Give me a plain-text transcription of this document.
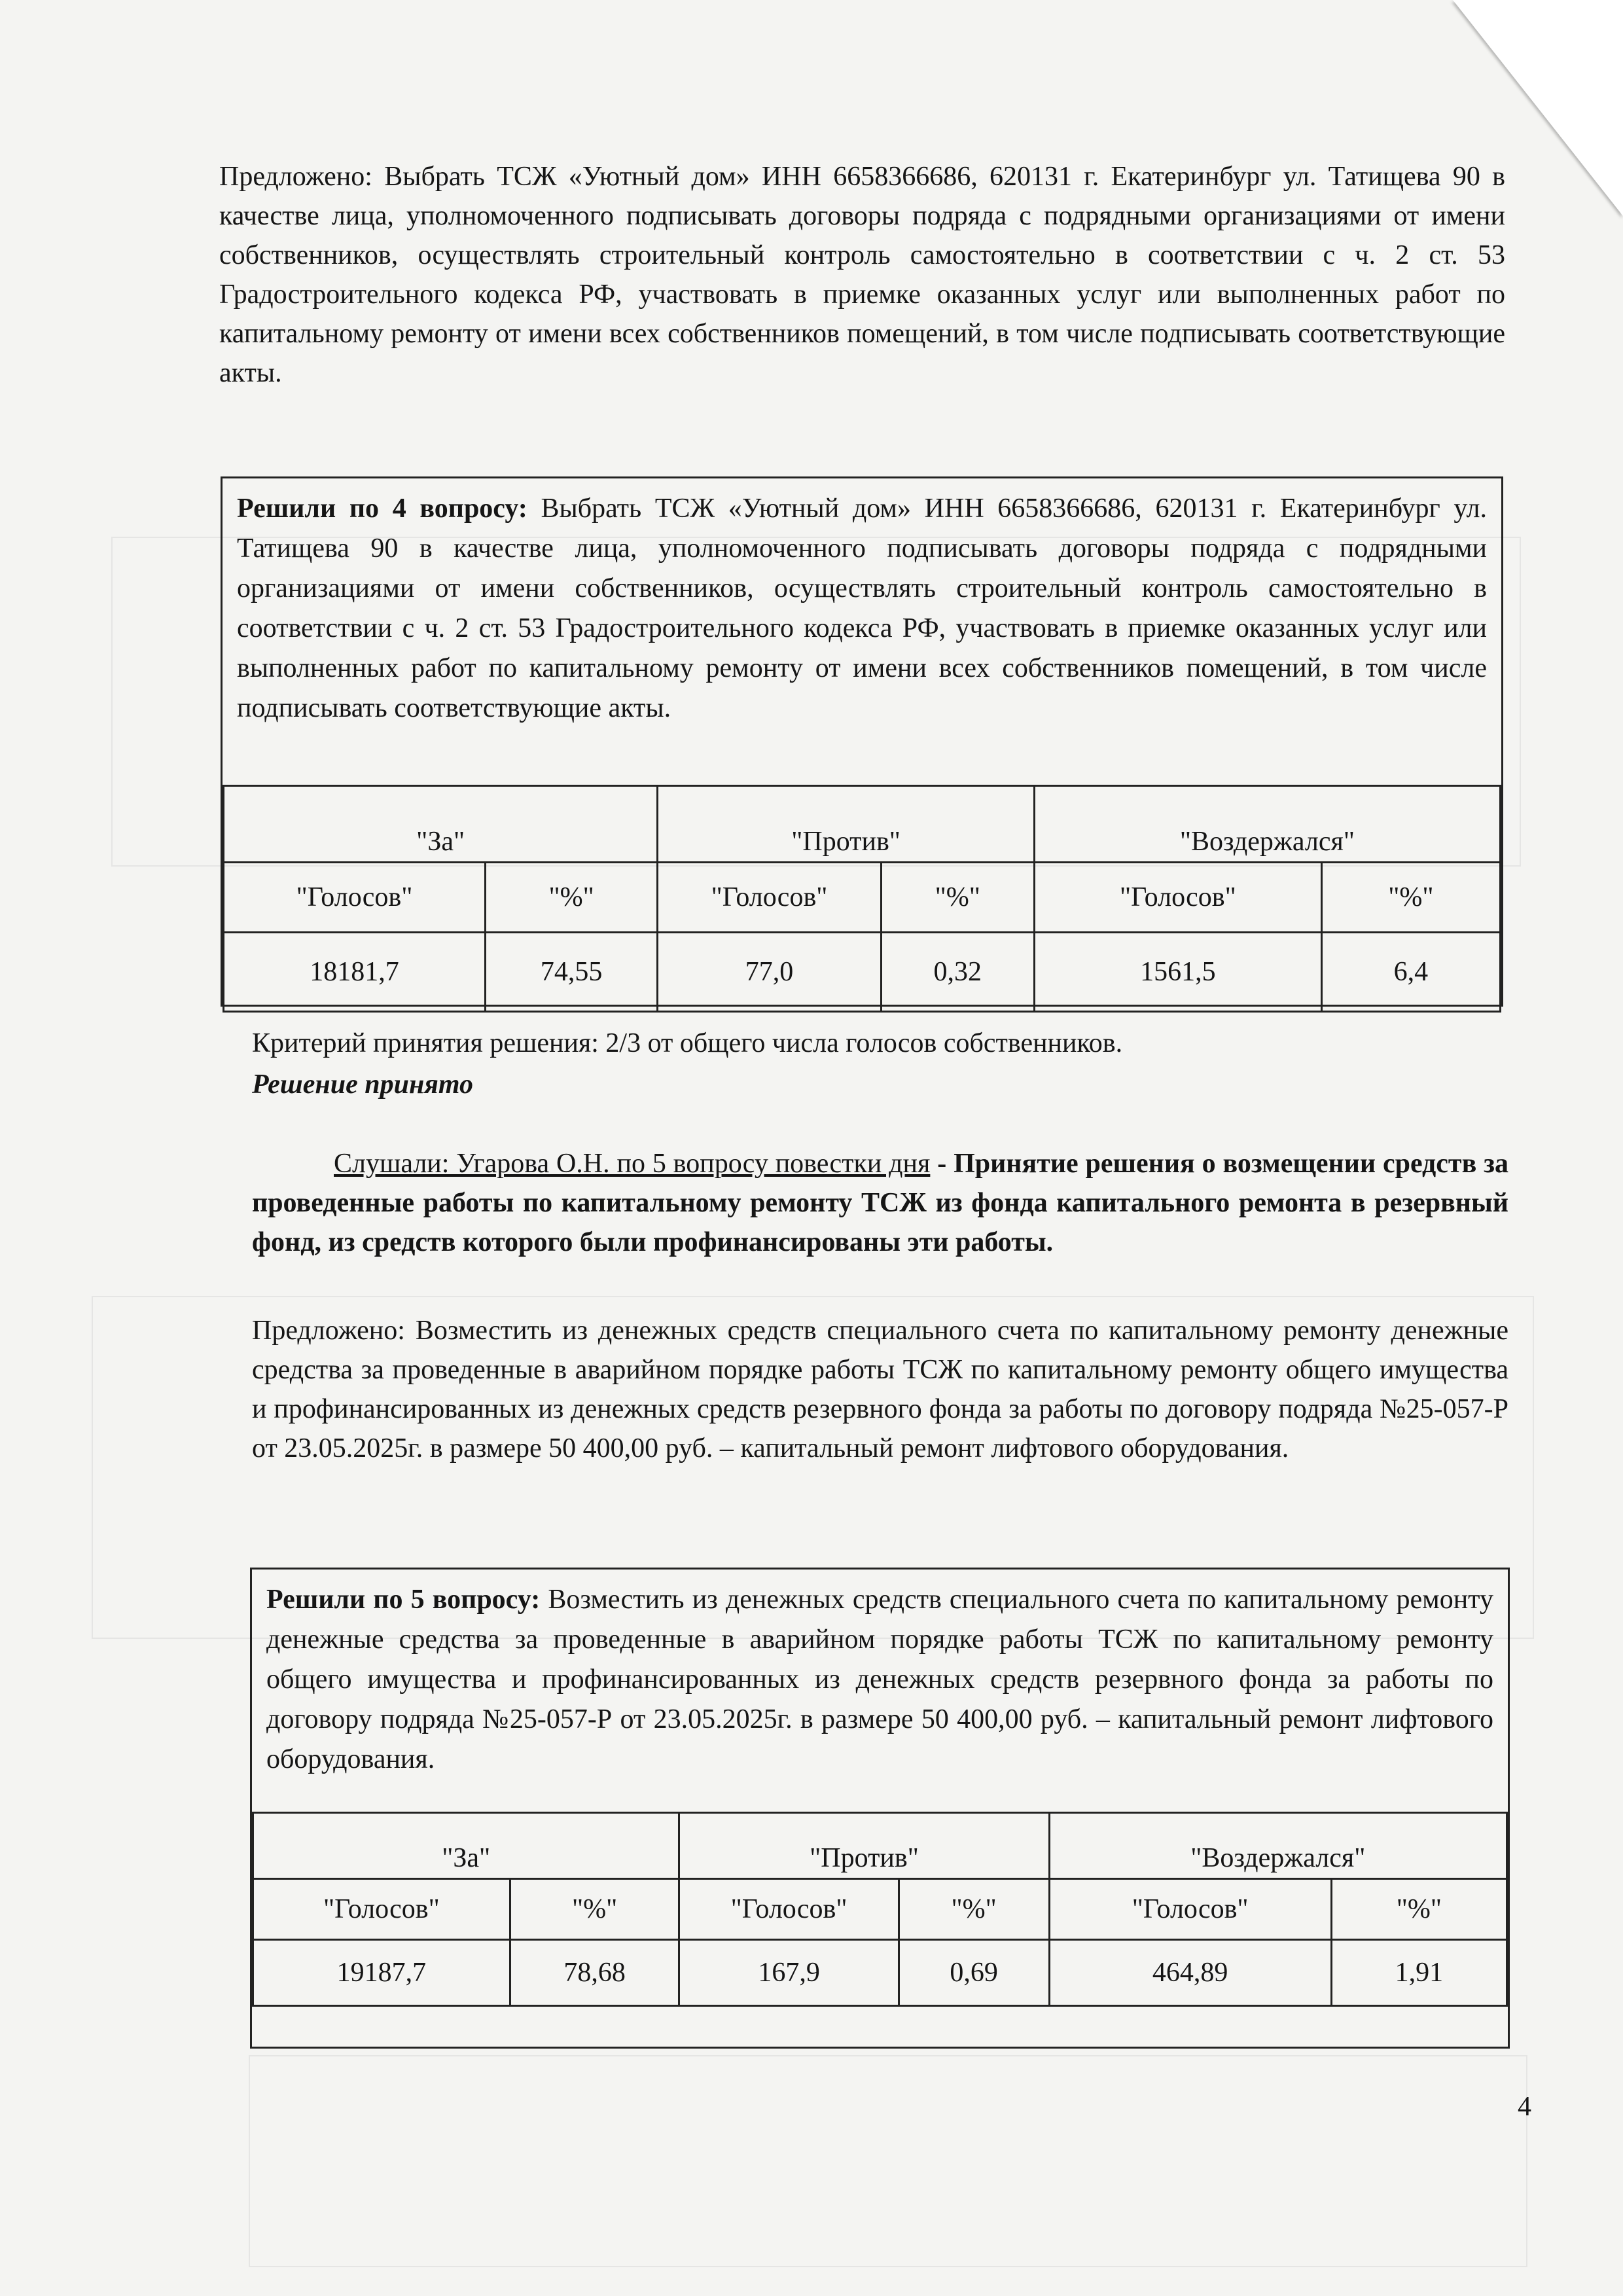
Предложено: Выбрать ТСЖ «Уютный дом» ИНН 6658366686, 620131 г. Екатеринбург ул. Татищева 90 в качестве лица, уполномоченного подписывать договоры подряда с подрядными организациями от имени собственников, осуществлять строительный контроль самостоятельно в соответствии с ч. 2 ст. 53 Градостроительного кодекса РФ, участвовать в приемке оказанных услуг или выполненных работ по капитальному ремонту от имени всех собственников помещений, в том числе подписывать соответствующие акты.
Решили по 4 вопросу: Выбрать ТСЖ «Уютный дом» ИНН 6658366686, 620131 г. Екатеринбург ул. Татищева 90 в качестве лица, уполномоченного подписывать договоры подряда с подрядными организациями от имени собственников, осуществлять строительный контроль самостоятельно в соответствии с ч. 2 ст. 53 Градостроительного кодекса РФ, участвовать в приемке оказанных услуг или выполненных работ по капитальному ремонту от имени всех собственников помещений, в том числе подписывать соответствующие акты.
"За"		"Против"		"Воздержался"	
"Голосов"	"%"	"Голосов"	"%"	"Голосов"	"%"
18181,7	74,55	77,0	0,32	1561,5	6,4
Критерий принятия решения: 2/3 от общего числа голосов собственников.
Решение принято
Слушали: Угарова О.Н. по 5 вопросу повестки дня - Принятие решения о возмещении средств за проведенные работы по капитальному ремонту ТСЖ из фонда капитального ремонта в резервный фонд, из средств которого были профинансированы эти работы.
Предложено: Возместить из денежных средств специального счета по капитальному ремонту денежные средства за проведенные в аварийном порядке работы ТСЖ по капитальному ремонту общего имущества и профинансированных из денежных средств резервного фонда за работы по договору подряда №25-057-Р от 23.05.2025г. в размере 50 400,00 руб. – капитальный ремонт лифтового оборудования.
Решили по 5 вопросу: Возместить из денежных средств специального счета по капитальному ремонту денежные средства за проведенные в аварийном порядке работы ТСЖ по капитальному ремонту общего имущества и профинансированных из денежных средств резервного фонда за работы по договору подряда №25-057-Р от 23.05.2025г. в размере 50 400,00 руб. – капитальный ремонт лифтового оборудования.
"За"		"Против"		"Воздержался"	
"Голосов"	"%"	"Голосов"	"%"	"Голосов"	"%"
19187,7	78,68	167,9	0,69	464,89	1,91
4
